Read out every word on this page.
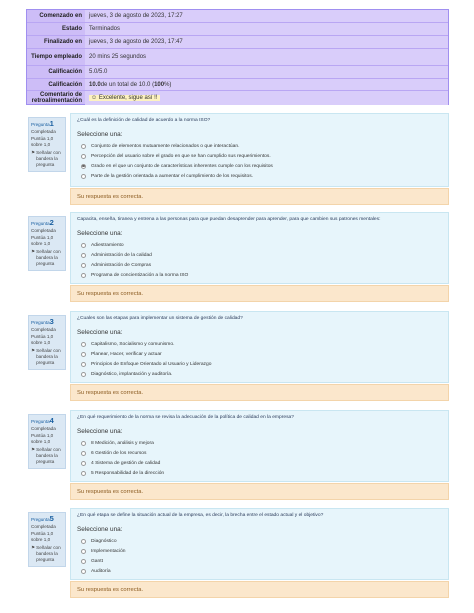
Comenzado en	jueves, 3 de agosto de 2023, 17:27
Estado	Terminados
Finalizado en	jueves, 3 de agosto de 2023, 17:47
Tiempo empleado	20 mins 25 segundos
Calificación	5.0/5.0
Calificación	10.0 de un total de 10.0 ( 100 %)
Comentario de retroalimentación	☺ Excelente, sigue así !!
Pregunta1
Completada
Puntúa 1,0 sobre 1,0
⚑ Señalar con bandera la pregunta
¿Cuál es la definición de calidad de acuerdo a la norma ISO?
Seleccione una:
Conjunto de elementos mutuamente relacionados o que interactúan.
Percepción del usuario sobre el grado en que se han cumplido sus requerimientos.
Grado en el que un conjunto de características inherentes cumple con los requisitos
Parte de la gestión orientada a aumentar el cumplimiento de los requisitos.
Su respuesta es correcta.
Pregunta2
Completada
Puntúa 1,0 sobre 1,0
⚑ Señalar con bandera la pregunta
Capacita, enseña, tiranea y entrena a las personas para que puedan desaprender para aprender, para que cambien sus patrones mentales:
Seleccione una:
Adiestramiento
Administración de la calidad
Administración de Compras
Programa de concientización a la norma ISO
Su respuesta es correcta.
Pregunta3
Completada
Puntúa 1,0 sobre 1,0
⚑ Señalar con bandera la pregunta
¿Cuales son las etapas para implementar un sistema de gestión de calidad?
Seleccione una:
Capitalismo, Socialismo y comunismo.
Planear, Hacer, verificar y actuar
Principios de Enfoque Orientado al Usuario y Liderazgo
Diagnóstico, implantación y auditoría.
Su respuesta es correcta.
Pregunta4
Completada
Puntúa 1,0 sobre 1,0
⚑ Señalar con bandera la pregunta
¿En qué requerimiento de la norma se revisa la adecuación de la política de calidad en la empresa?
Seleccione una:
8 Medición, análisis y mejora
6 Gestión de los recursos
4 Sistema de gestión de calidad
5 Responsabilidad de la dirección
Su respuesta es correcta.
Pregunta5
Completada
Puntúa 1,0 sobre 1,0
⚑ Señalar con bandera la pregunta
¿En qué etapa se define la situación actual de la empresa, es decir, la brecha entre el estado actual y el objetivo?
Seleccione una:
Diagnóstico
Implementación
Gantt
Auditoría
Su respuesta es correcta.
